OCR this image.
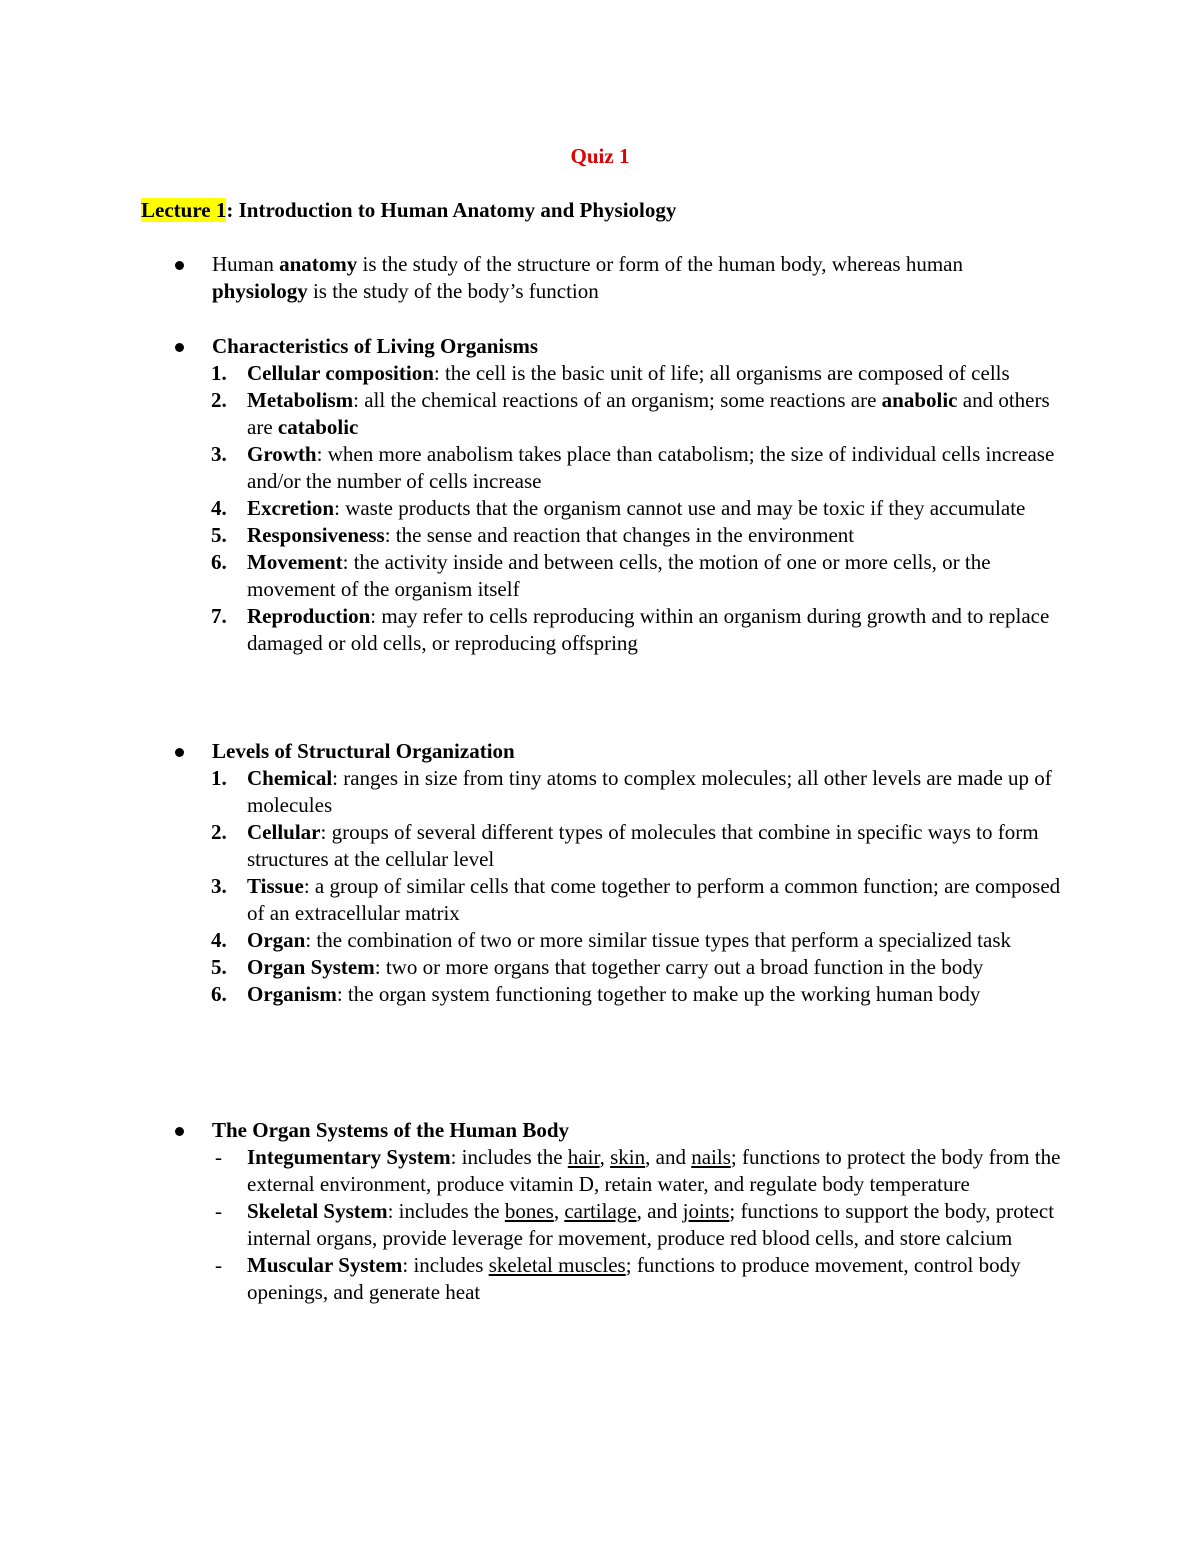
Quiz 1

Lecture 1: Introduction to Human Anatomy and Physiology

Human anatomy is the study of the structure or form of the human body, whereas human physiology is the study of the body’s function

Characteristics of Living Organisms

1. Cellular composition: the cell is the basic unit of life; all organisms are composed of cells
2. Metabolism: all the chemical reactions of an organism; some reactions are anabolic and others are catabolic
3. Growth: when more anabolism takes place than catabolism; the size of individual cells increase and/or the number of cells increase
4. Excretion: waste products that the organism cannot use and may be toxic if they accumulate
5. Responsiveness: the sense and reaction that changes in the environment
6. Movement: the activity inside and between cells, the motion of one or more cells, or the movement of the organism itself
7. Reproduction: may refer to cells reproducing within an organism during growth and to replace damaged or old cells, or reproducing offspring

Levels of Structural Organization

1. Chemical: ranges in size from tiny atoms to complex molecules; all other levels are made up of molecules
2. Cellular: groups of several different types of molecules that combine in specific ways to form structures at the cellular level
3. Tissue: a group of similar cells that come together to perform a common function; are composed of an extracellular matrix
4. Organ: the combination of two or more similar tissue types that perform a specialized task
5. Organ System: two or more organs that together carry out a broad function in the body
6. Organism: the organ system functioning together to make up the working human body

The Organ Systems of the Human Body

- Integumentary System: includes the hair, skin, and nails; functions to protect the body from the external environment, produce vitamin D, retain water, and regulate body temperature
- Skeletal System: includes the bones, cartilage, and joints; functions to support the body, protect internal organs, provide leverage for movement, produce red blood cells, and store calcium
- Muscular System: includes skeletal muscles; functions to produce movement, control body openings, and generate heat
